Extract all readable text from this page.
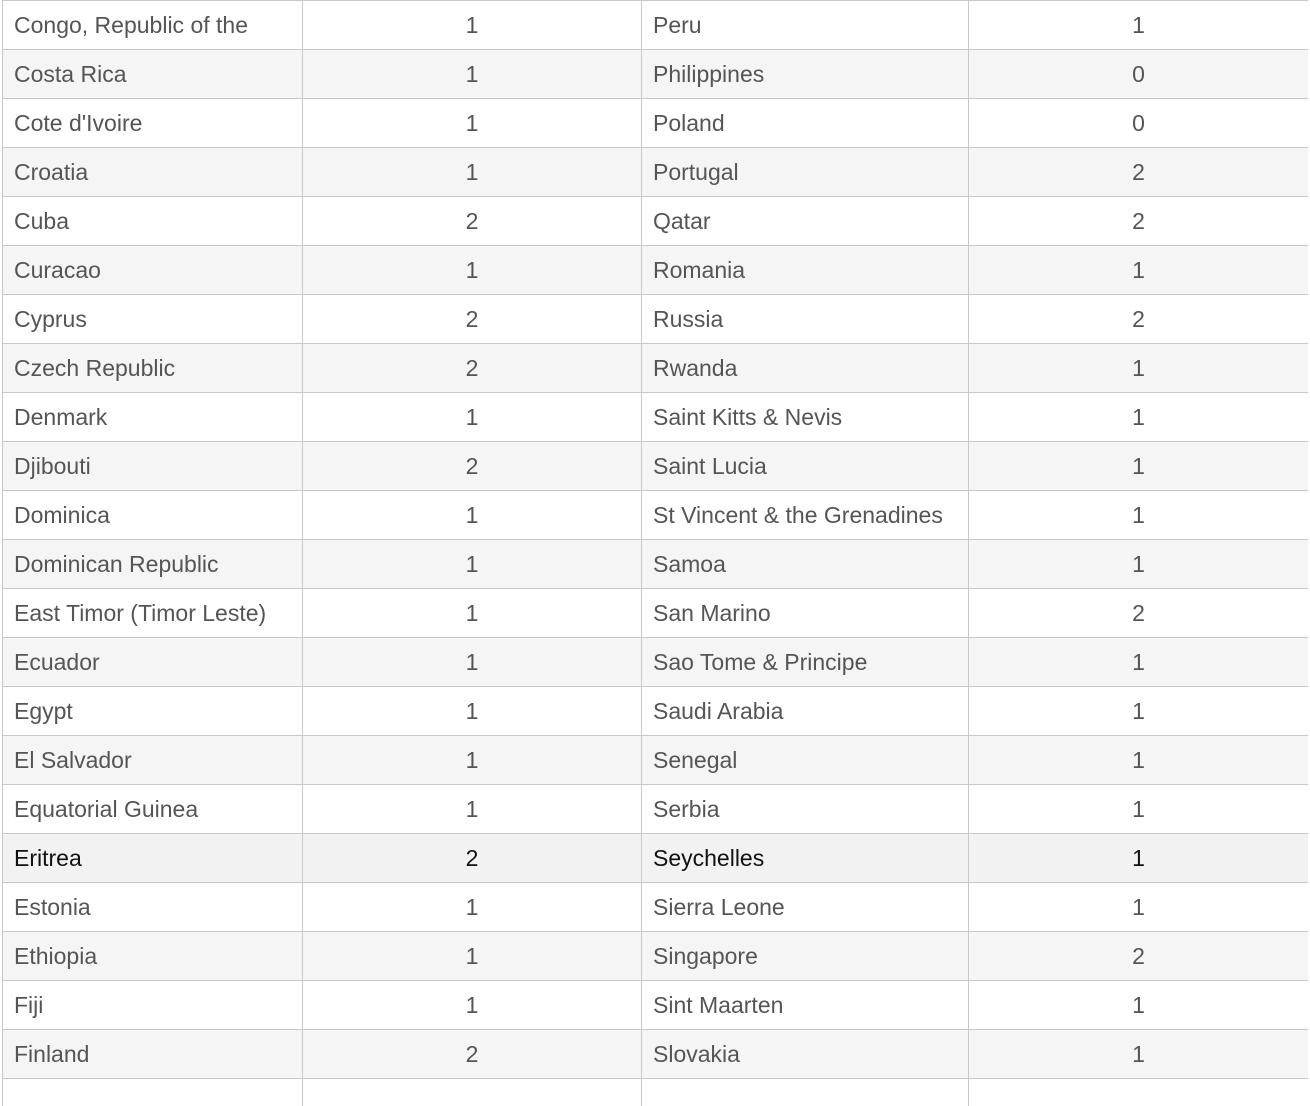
Congo, Republic of the	1	Peru	1
Costa Rica	1	Philippines	0
Cote d'Ivoire	1	Poland	0
Croatia	1	Portugal	2
Cuba	2	Qatar	2
Curacao	1	Romania	1
Cyprus	2	Russia	2
Czech Republic	2	Rwanda	1
Denmark	1	Saint Kitts & Nevis	1
Djibouti	2	Saint Lucia	1
Dominica	1	St Vincent & the Grenadines	1
Dominican Republic	1	Samoa	1
East Timor (Timor Leste)	1	San Marino	2
Ecuador	1	Sao Tome & Principe	1
Egypt	1	Saudi Arabia	1
El Salvador	1	Senegal	1
Equatorial Guinea	1	Serbia	1
Eritrea	2	Seychelles	1
Estonia	1	Sierra Leone	1
Ethiopia	1	Singapore	2
Fiji	1	Sint Maarten	1
Finland	2	Slovakia	1
